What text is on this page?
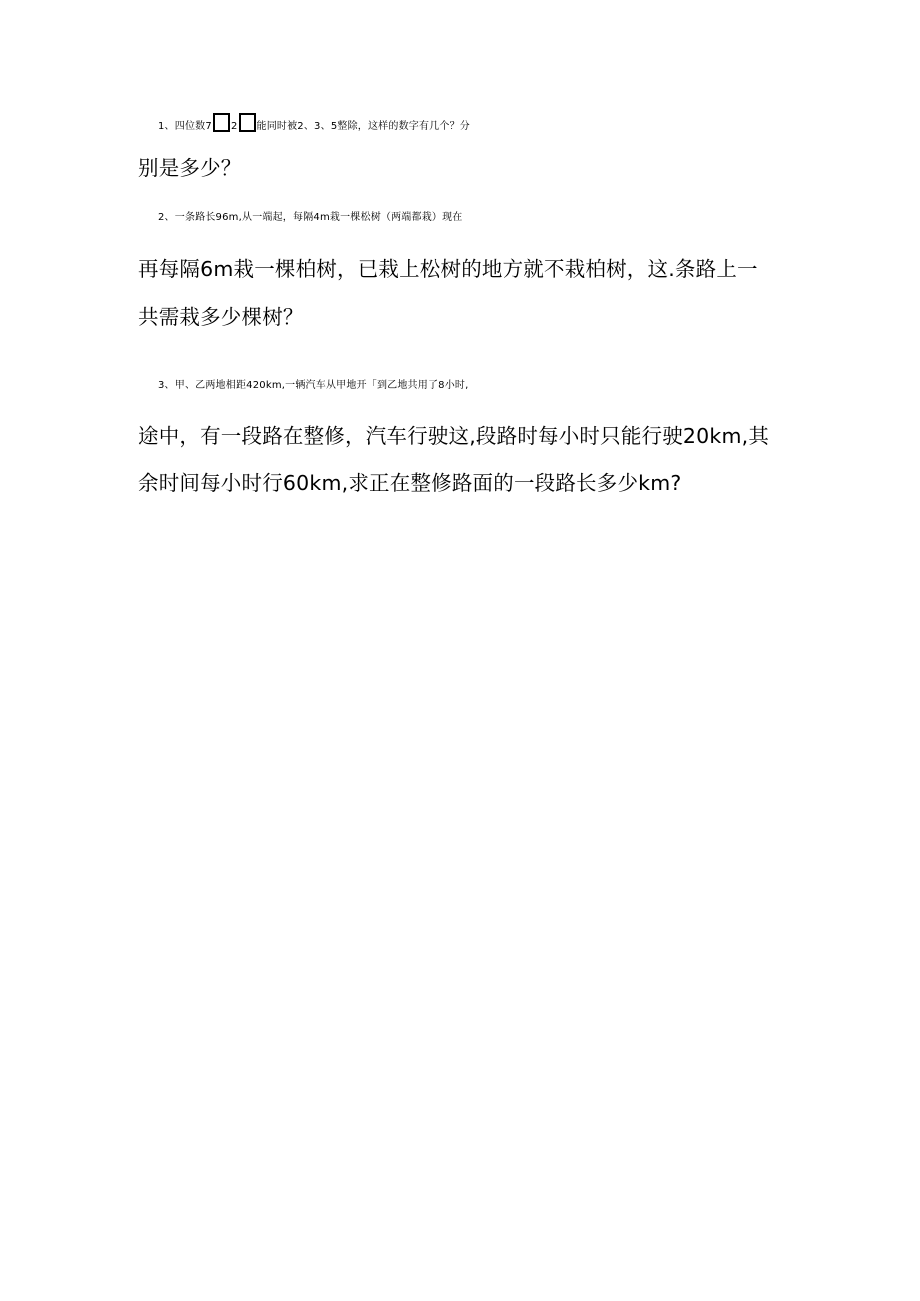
1、四位数7 2 能同时被2、3、5整除，这样的数字有几个？分
别是多少？
2、一条路长96m,从一端起，每隔4m栽一棵松树（两端都栽）现在
再每隔6m栽一棵柏树，已栽上松树的地方就不栽柏树，这.条路上一
共需栽多少棵树？
3、甲、乙两地相距420km,一辆汽车从甲地开「到乙地共用了8小时,
途中，有一段路在整修，汽车行驶这,段路时每小时只能行驶20km,其
余时间每小时行60km,求正在整修路面的一段路长多少km?
